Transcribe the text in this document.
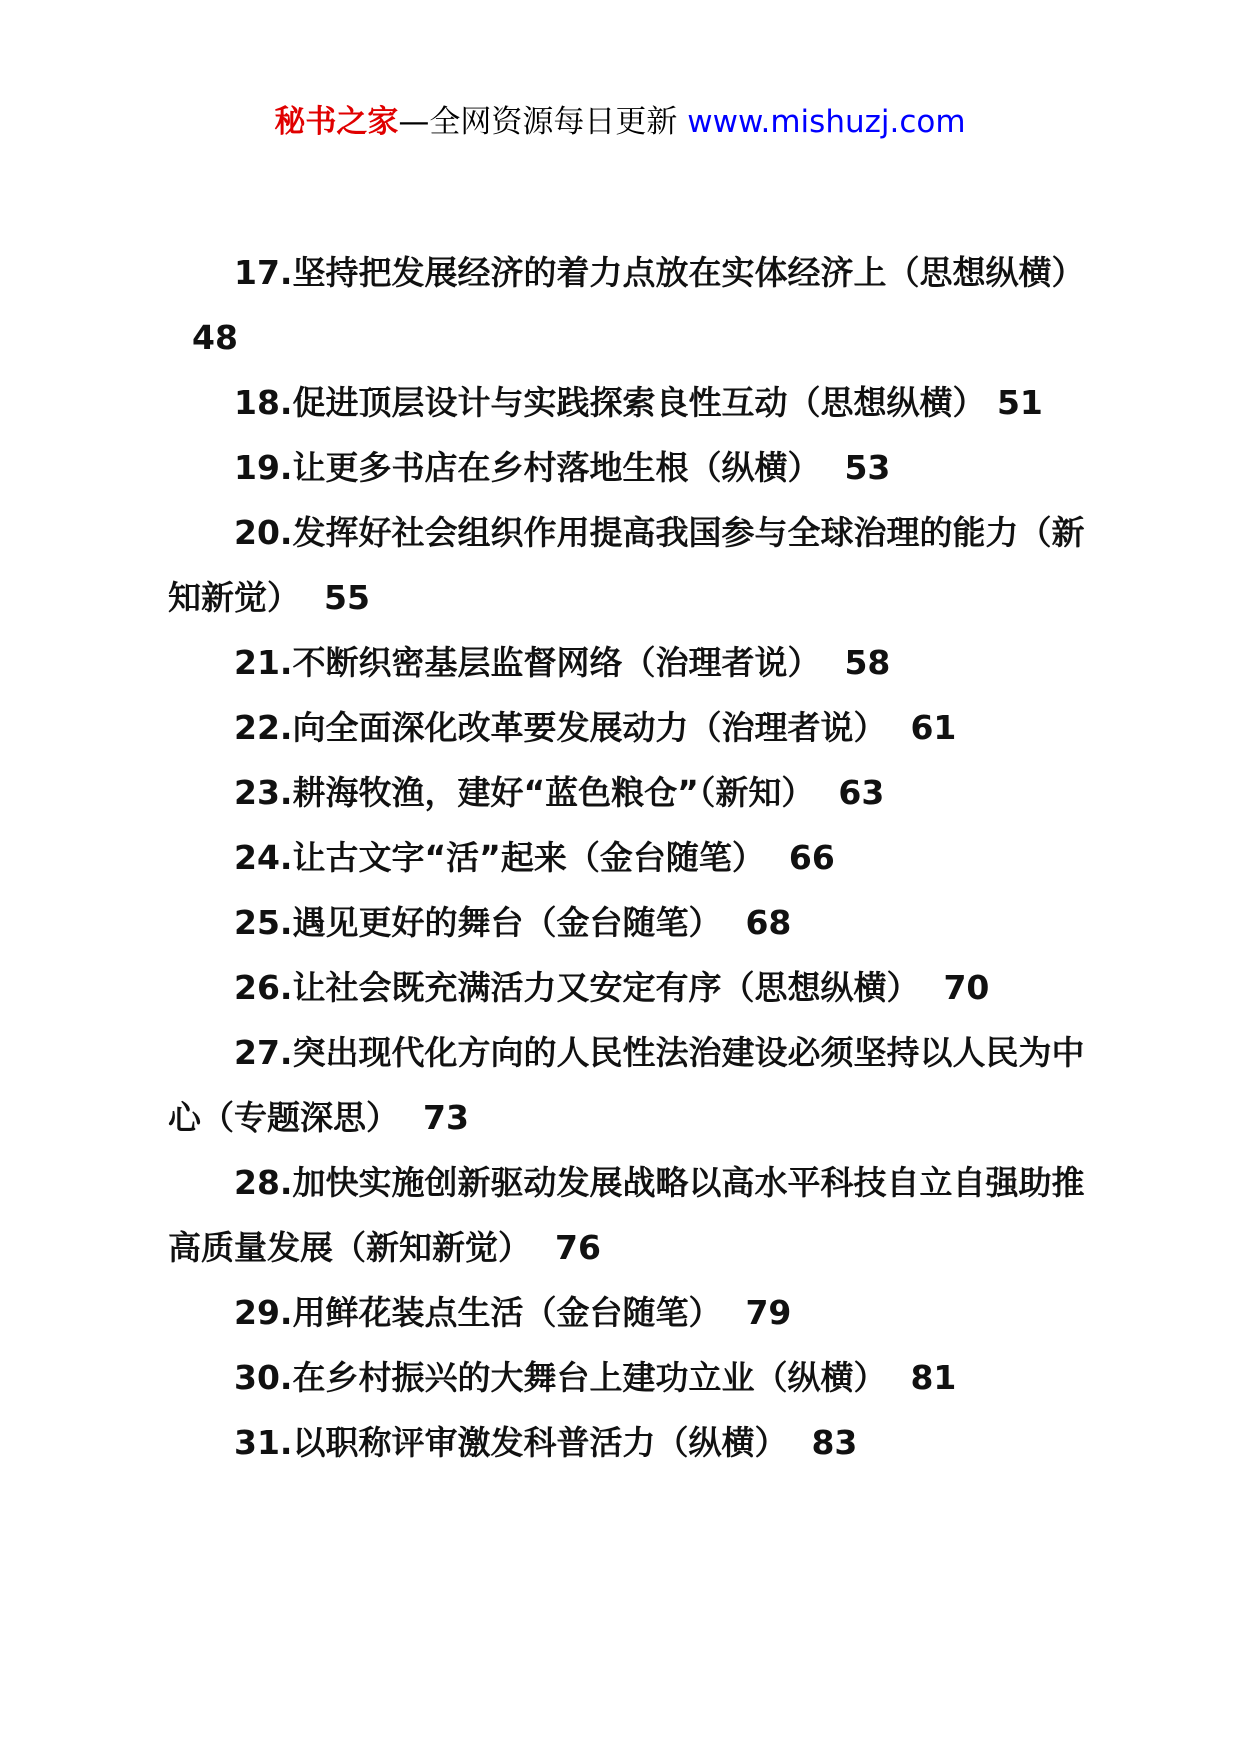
秘书之家—全网资源每日更新 www.mishuzj.com

17.坚持把发展经济的着力点放在实体经济上（思想纵横）48

18.促进顶层设计与实践探索良性互动（思想纵横） 51

19.让更多书店在乡村落地生根（纵横） 53

20.发挥好社会组织作用提高我国参与全球治理的能力（新知新觉） 55

21.不断织密基层监督网络（治理者说） 58

22.向全面深化改革要发展动力（治理者说） 61

23.耕海牧渔，建好“蓝色粮仓”（新知） 63

24.让古文字“活”起来（金台随笔） 66

25.遇见更好的舞台（金台随笔） 68

26.让社会既充满活力又安定有序（思想纵横） 70

27.突出现代化方向的人民性法治建设必须坚持以人民为中心（专题深思） 73

28.加快实施创新驱动发展战略以高水平科技自立自强助推高质量发展（新知新觉） 76

29.用鲜花装点生活（金台随笔） 79

30.在乡村振兴的大舞台上建功立业（纵横） 81

31.以职称评审激发科普活力（纵横） 83
